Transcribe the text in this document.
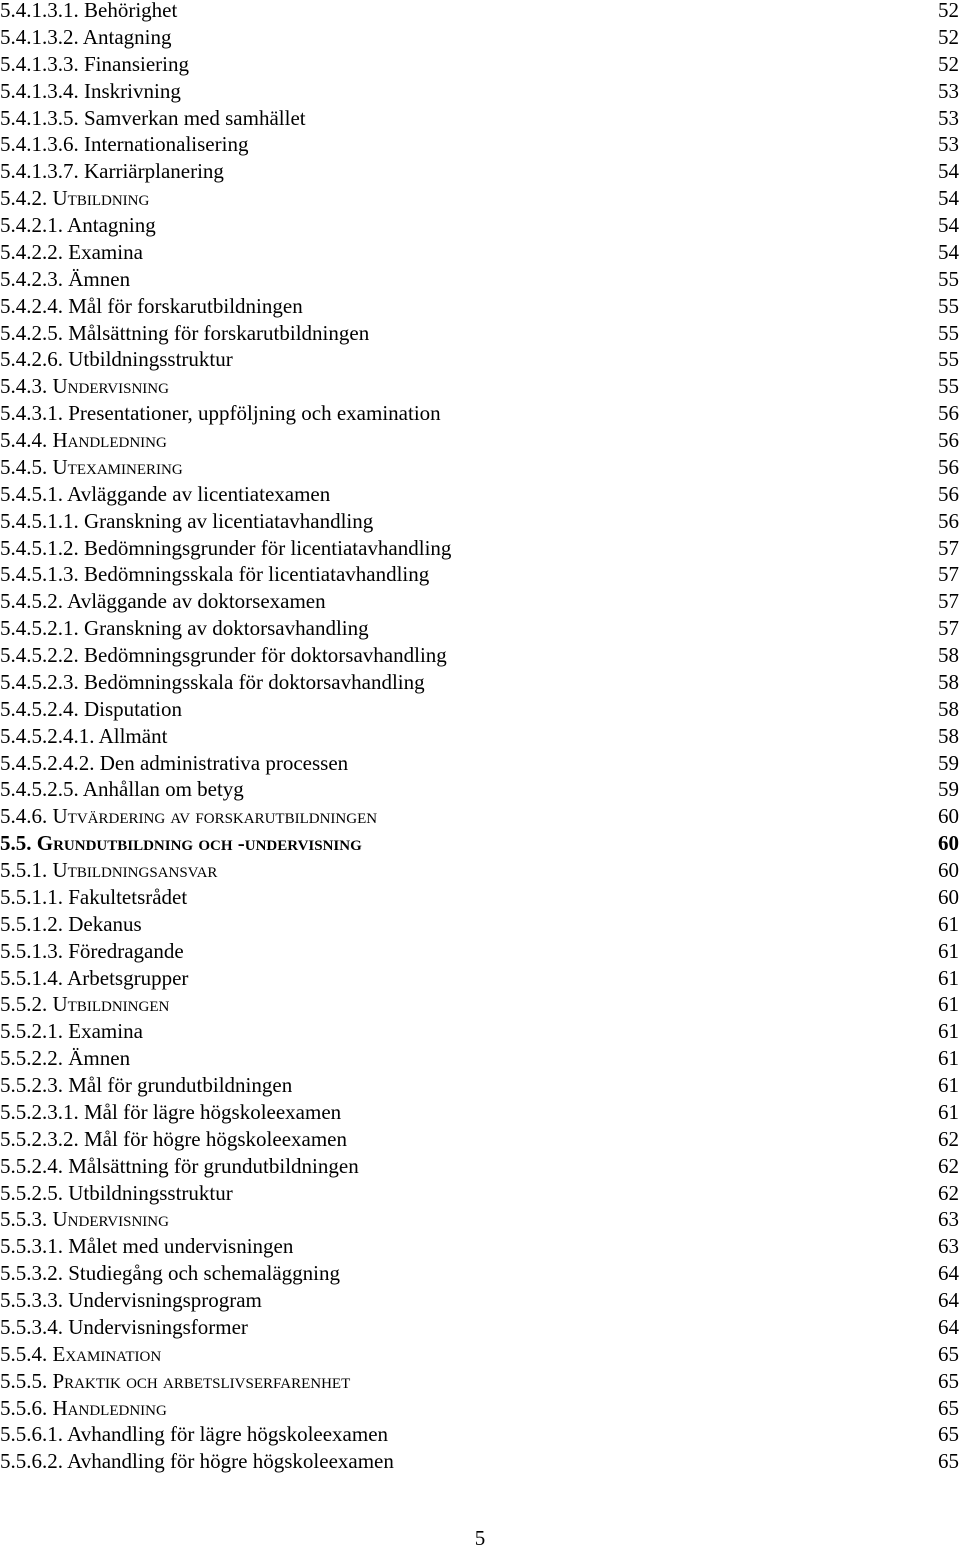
5.4.1.3.1. Behörighet	52
5.4.1.3.2. Antagning	52
5.4.1.3.3. Finansiering	52
5.4.1.3.4. Inskrivning	53
5.4.1.3.5. Samverkan med samhället	53
5.4.1.3.6. Internationalisering	53
5.4.1.3.7. Karriärplanering	54
5.4.2. Utbildning	54
5.4.2.1. Antagning	54
5.4.2.2. Examina	54
5.4.2.3. Ämnen	55
5.4.2.4. Mål för forskarutbildningen	55
5.4.2.5. Målsättning för forskarutbildningen	55
5.4.2.6. Utbildningsstruktur	55
5.4.3. Undervisning	55
5.4.3.1. Presentationer, uppföljning och examination	56
5.4.4. Handledning	56
5.4.5. Utexaminering	56
5.4.5.1. Avläggande av licentiatexamen	56
5.4.5.1.1. Granskning av licentiatavhandling	56
5.4.5.1.2. Bedömningsgrunder för licentiatavhandling	57
5.4.5.1.3. Bedömningsskala för licentiatavhandling	57
5.4.5.2. Avläggande av doktorsexamen	57
5.4.5.2.1. Granskning av doktorsavhandling	57
5.4.5.2.2. Bedömningsgrunder för doktorsavhandling	58
5.4.5.2.3. Bedömningsskala för doktorsavhandling	58
5.4.5.2.4. Disputation	58
5.4.5.2.4.1. Allmänt	58
5.4.5.2.4.2. Den administrativa processen	59
5.4.5.2.5. Anhållan om betyg	59
5.4.6. Utvärdering av forskarutbildningen	60
5.5. Grundutbildning och -undervisning	60
5.5.1. Utbildningsansvar	60
5.5.1.1. Fakultetsrådet	60
5.5.1.2. Dekanus	61
5.5.1.3. Föredragande	61
5.5.1.4. Arbetsgrupper	61
5.5.2. Utbildningen	61
5.5.2.1. Examina	61
5.5.2.2. Ämnen	61
5.5.2.3. Mål för grundutbildningen	61
5.5.2.3.1. Mål för lägre högskoleexamen	61
5.5.2.3.2. Mål för högre högskoleexamen	62
5.5.2.4. Målsättning för grundutbildningen	62
5.5.2.5. Utbildningsstruktur	62
5.5.3. Undervisning	63
5.5.3.1. Målet med undervisningen	63
5.5.3.2. Studiegång och schemaläggning	64
5.5.3.3. Undervisningsprogram	64
5.5.3.4. Undervisningsformer	64
5.5.4. Examination	65
5.5.5. Praktik och arbetslivserfarenhet	65
5.5.6. Handledning	65
5.5.6.1. Avhandling för lägre högskoleexamen	65
5.5.6.2. Avhandling för högre högskoleexamen	65
5
